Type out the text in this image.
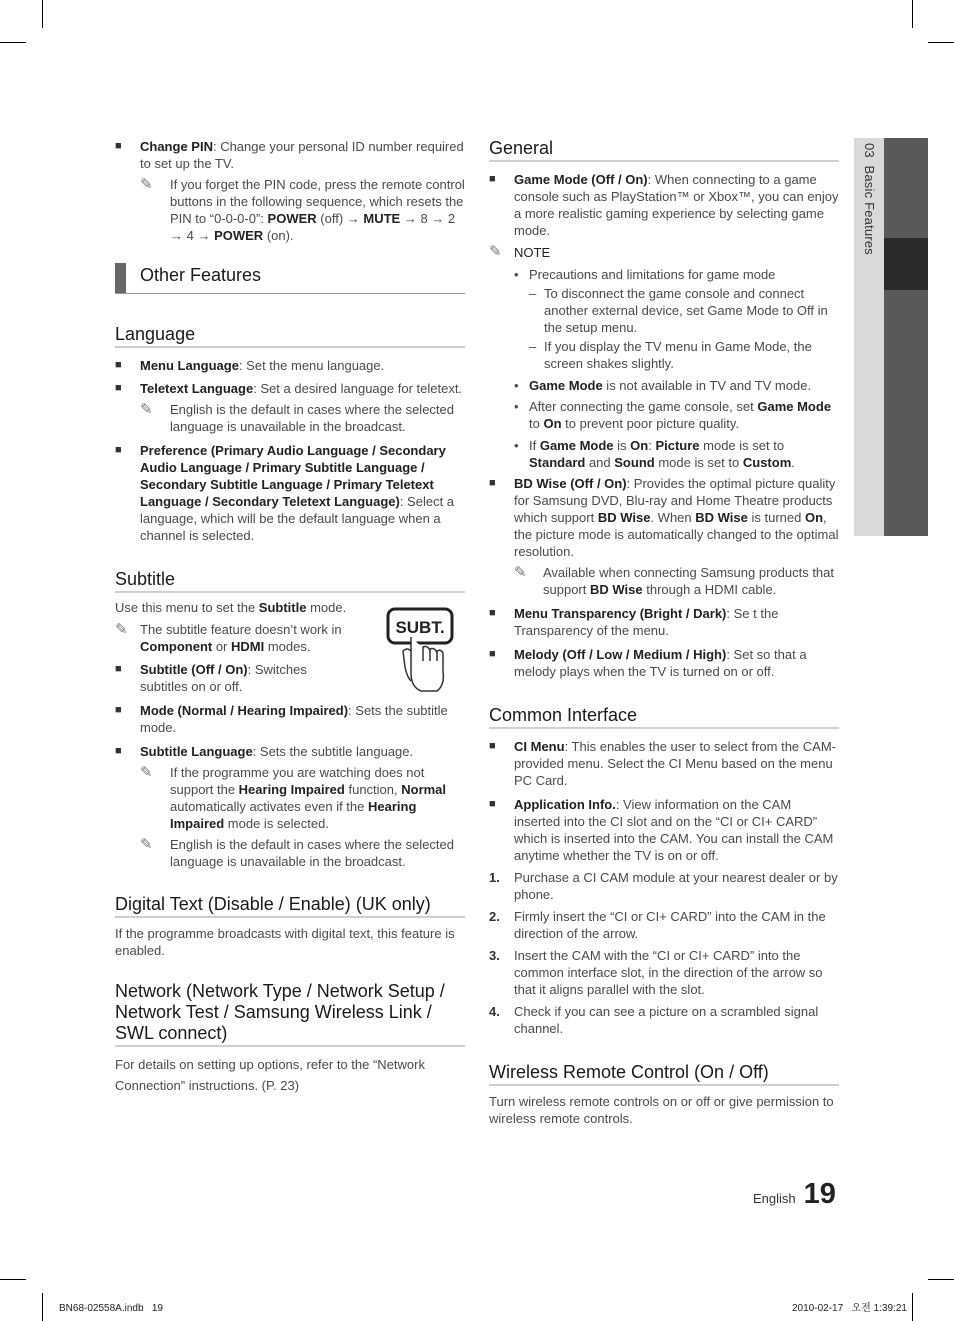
03  Basic Features
■ Change PIN: Change your personal ID number required to set up the TV.
✎ If you forget the PIN code, press the remote control buttons in the following sequence, which resets the PIN to “0-0-0-0”: POWER (off) → MUTE → 8 → 2 → 4 → POWER (on).
Other Features
Language
■ Menu Language: Set the menu language.
■ Teletext Language: Set a desired language for teletext.
✎ English is the default in cases where the selected language is unavailable in the broadcast.
■ Preference (Primary Audio Language / Secondary Audio Language / Primary Subtitle Language / Secondary Subtitle Language / Primary Teletext Language / Secondary Teletext Language): Select a language, which will be the default language when a channel is selected.
Subtitle
SUBT.
Use this menu to set the Subtitle mode.
✎ The subtitle feature doesn’t work in Component or HDMI modes.
■ Subtitle (Off / On): Switches subtitles on or off.
■ Mode (Normal / Hearing Impaired): Sets the subtitle mode.
■ Subtitle Language: Sets the subtitle language.
✎ If the programme you are watching does not support the Hearing Impaired function, Normal automatically activates even if the Hearing Impaired mode is selected.
✎ English is the default in cases where the selected language is unavailable in the broadcast.
Digital Text (Disable / Enable) (UK only)
If the programme broadcasts with digital text, this feature is enabled.
Network (Network Type / Network Setup / Network Test / Samsung Wireless Link / SWL connect)
For details on setting up options, refer to the “Network Connection” instructions. (P. 23)
General
■ Game Mode (Off / On): When connecting to a game console such as PlayStation™ or Xbox™, you can enjoy a more realistic gaming experience by selecting game mode.
✎ NOTE
• Precautions and limitations for game mode
– To disconnect the game console and connect another external device, set Game Mode to Off in the setup menu.
– If you display the TV menu in Game Mode, the screen shakes slightly.
• Game Mode is not available in TV and TV mode.
• After connecting the game console, set Game Mode to On to prevent poor picture quality.
• If Game Mode is On: Picture mode is set to Standard and Sound mode is set to Custom.
■ BD Wise (Off / On): Provides the optimal picture quality for Samsung DVD, Blu-ray and Home Theatre products which support BD Wise. When BD Wise is turned On, the picture mode is automatically changed to the optimal resolution.
✎ Available when connecting Samsung products that support BD Wise through a HDMI cable.
■ Menu Transparency (Bright / Dark): Se t the Transparency of the menu.
■ Melody (Off / Low / Medium / High): Set so that a melody plays when the TV is turned on or off.
Common Interface
■ CI Menu: This enables the user to select from the CAM-provided menu. Select the CI Menu based on the menu PC Card.
■ Application Info.: View information on the CAM inserted into the CI slot and on the “CI or CI+ CARD” which is inserted into the CAM. You can install the CAM anytime whether the TV is on or off.
1. Purchase a CI CAM module at your nearest dealer or by phone.
2. Firmly insert the “CI or CI+ CARD” into the CAM in the direction of the arrow.
3. Insert the CAM with the “CI or CI+ CARD” into the common interface slot, in the direction of the arrow so that it aligns parallel with the slot.
4. Check if you can see a picture on a scrambled signal channel.
Wireless Remote Control (On / Off)
Turn wireless remote controls on or off or give permission to wireless remote controls.
English 19
BN68-02558A.indb   19	2010-02-17   오전 1:39:21
